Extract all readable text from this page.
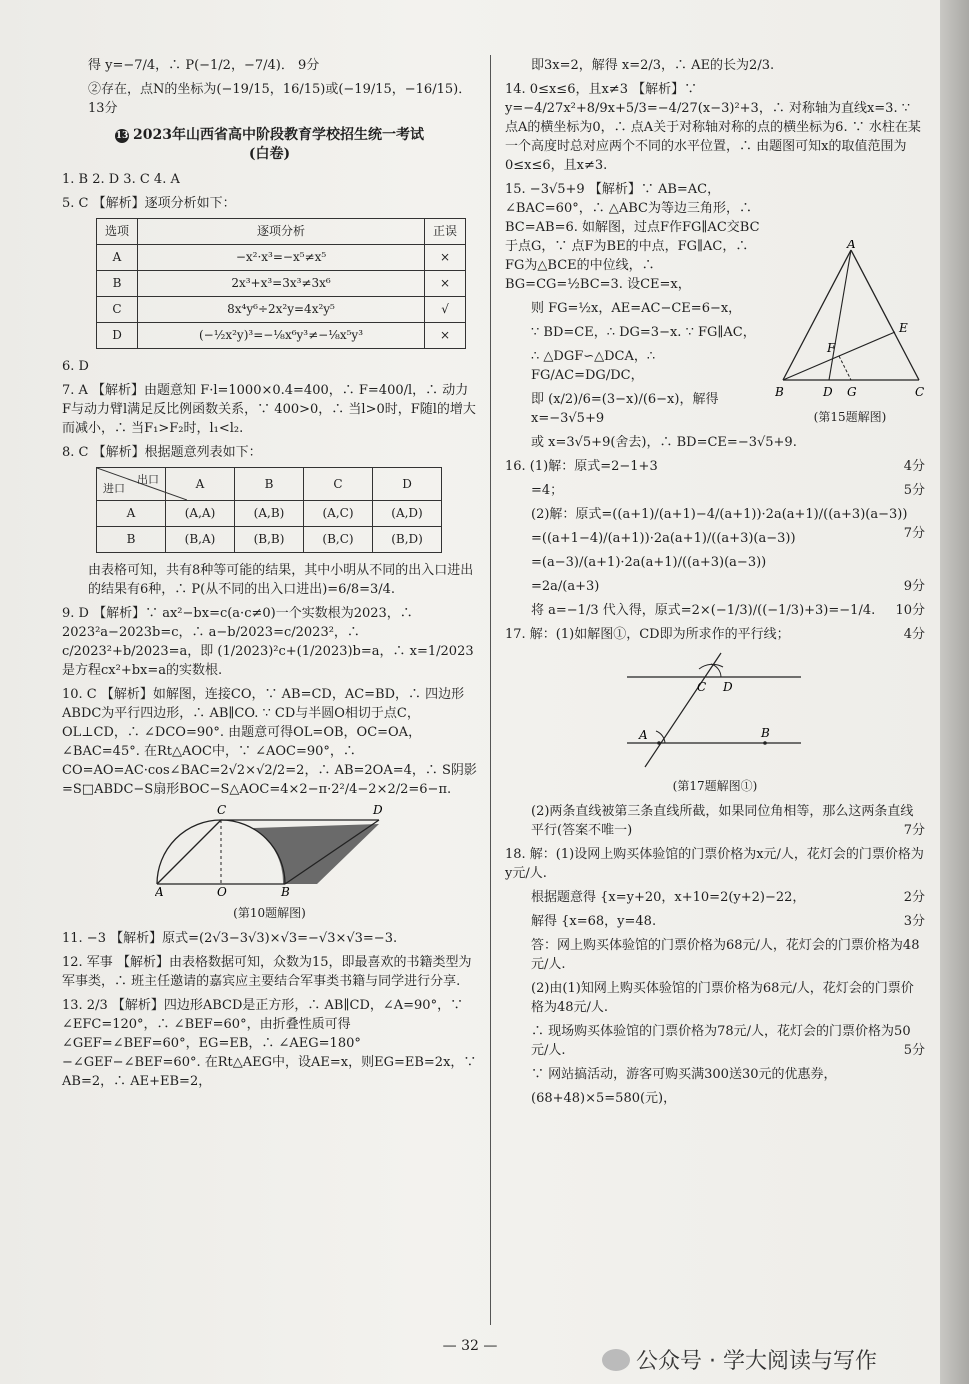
得 y=−7/4，∴ P(−1/2，−7/4)． 9分

②存在，点N的坐标为(−19/15，16/15)或(−19/15，−16/15)．13分

13 2023年山西省高中阶段教育学校招生统一考试
(白卷)

1. B 2. D 3. C 4. A

5. C 【解析】逐项分析如下：

选项	逐项分析	正误
A	−x²·x³=−x⁵≠x⁵	×
B	2x³+x³=3x³≠3x⁶	×
C	8x⁴y⁶÷2x²y=4x²y⁵	√
D	(−½x²y)³=−⅛x⁶y³≠−⅛x⁵y³	×

6. D

7. A 【解析】由题意知 F·l=1000×0.4=400，∴ F=400/l，∴ 动力F与动力臂l满足反比例函数关系，∵ 400>0，∴ 当l>0时，F随l的增大而减小，∴ 当F₁>F₂时，l₁<l₂.

8. C 【解析】根据题意列表如下：

出口
进口	A	B	C	D
A	(A,A)	(A,B)	(A,C)	(A,D)
B	(B,A)	(B,B)	(B,C)	(B,D)

由表格可知，共有8种等可能的结果，其中小明从不同的出入口进出的结果有6种，∴ P(从不同的出入口进出)=6/8=3/4.

9. D 【解析】∵ ax²−bx=c(a·c≠0)一个实数根为2023，∴ 2023²a−2023b=c，∴ a−b/2023=c/2023²，∴ c/2023²+b/2023=a，即 (1/2023)²c+(1/2023)b=a，∴ x=1/2023是方程cx²+bx=a的实数根.

10. C 【解析】如解图，连接CO，∵ AB=CD，AC=BD，∴ 四边形ABDC为平行四边形，∴ AB∥CO. ∵ CD与半圆O相切于点C，OL⊥CD，∴ ∠DCO=90°. 由题意可得OL=OB，OC=OA，∠BAC=45°. 在Rt△AOC中，∵ ∠AOC=90°，∴ CO=AO=AC·cos∠BAC=2√2×√2/2=2，∴ AB=2OA=4，∴ S阴影=S□ABDC−S扇形BOC−S△AOC=4×2−π·2²/4−2×2/2=6−π.

C	D
A	O	B
(第10题解图)

11. −3 【解析】原式=(2√3−3√3)×√3=−√3×√3=−3.

12. 军事 【解析】由表格数据可知，众数为15，即最喜欢的书籍类型为军事类，∴ 班主任邀请的嘉宾应主要结合军事类书籍与同学进行分享.

13. 2/3 【解析】四边形ABCD是正方形，∴ AB∥CD，∠A=90°，∵ ∠EFC=120°，∴ ∠BEF=60°，由折叠性质可得∠GEF=∠BEF=60°，EG=EB，∴ ∠AEG=180°−∠GEF−∠BEF=60°. 在Rt△AEG中，设AE=x，则EG=EB=2x，∵ AB=2，∴ AE+EB=2，

即3x=2，解得 x=2/3，∴ AE的长为2/3.

14. 0≤x≤6，且x≠3 【解析】∵ y=−4/27x²+8/9x+5/3=−4/27(x−3)²+3，∴ 对称轴为直线x=3. ∵ 点A的横坐标为0，∴ 点A关于对称轴对称的点的横坐标为6. ∵ 水柱在某一个高度时总对应两个不同的水平位置，∴ 由题图可知x的取值范围为0≤x≤6，且x≠3.

A
B	C
D G
E
F
(第15题解图)

15. −3√5+9 【解析】∵ AB=AC，∠BAC=60°，∴ △ABC为等边三角形，∴ BC=AB=6. 如解图，过点F作FG∥AC交BC于点G，∵ 点F为BE的中点，FG∥AC，∴ FG为△BCE的中位线，∴ BG=CG=½BC=3. 设CE=x，

则 FG=½x，AE=AC−CE=6−x，

∵ BD=CE，∴ DG=3−x. ∵ FG∥AC，

∴ △DGF∽△DCA，∴ FG/AC=DG/DC，

即 (x/2)/6=(3−x)/(6−x)，解得 x=−3√5+9

或 x=3√5+9(舍去)，∴ BD=CE=−3√5+9.

16. (1)解：原式=2−1+3	4分

=4；	5分

(2)解：原式=((a+1)/(a+1)−4/(a+1))·2a(a+1)/((a+3)(a−3))
7分

=((a+1−4)/(a+1))·2a(a+1)/((a+3)(a−3))

=(a−3)/(a+1)·2a(a+1)/((a+3)(a−3))

=2a/(a+3)	9分

将 a=−1/3 代入得，原式=2×(−1/3)/((−1/3)+3)=−1/4. 10分

17. 解：(1)如解图①，CD即为所求作的平行线；	4分

A	B
C D
(第17题解图①)

(2)两条直线被第三条直线所截，如果同位角相等，那么这两条直线平行(答案不唯一)	7分

18. 解：(1)设网上购买体验馆的门票价格为x元/人，花灯会的门票价格为y元/人.

根据题意得 {x=y+20，x+10=2(y+2)−22，	2分

解得 {x=68，y=48.	3分

答：网上购买体验馆的门票价格为68元/人，花灯会的门票价格为48元/人.

(2)由(1)知网上购买体验馆的门票价格为68元/人，花灯会的门票价格为48元/人.

∴ 现场购买体验馆的门票价格为78元/人，花灯会的门票价格为50元/人.	5分

∵ 网站搞活动，游客可购买满300送30元的优惠券，

(68+48)×5=580(元)，

— 32 —
公众号 · 学大阅读与写作
